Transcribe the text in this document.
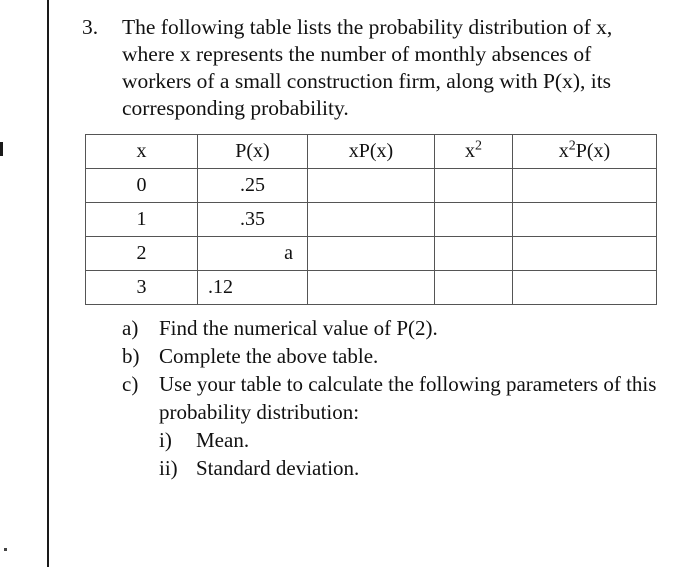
3. The following table lists the probability distribution of x, where x represents the number of monthly absences of workers of a small construction firm, along with P(x), its corresponding probability.
x	P(x)	xP(x)	$x^2$	$x^2P(x)$
0	.25			
1	.35			
2	a			
3	.12			
a) Find the numerical value of P(2).
b) Complete the above table.
c) Use your table to calculate the following parameters of this probability distribution:
i) Mean.
ii) Standard deviation.
